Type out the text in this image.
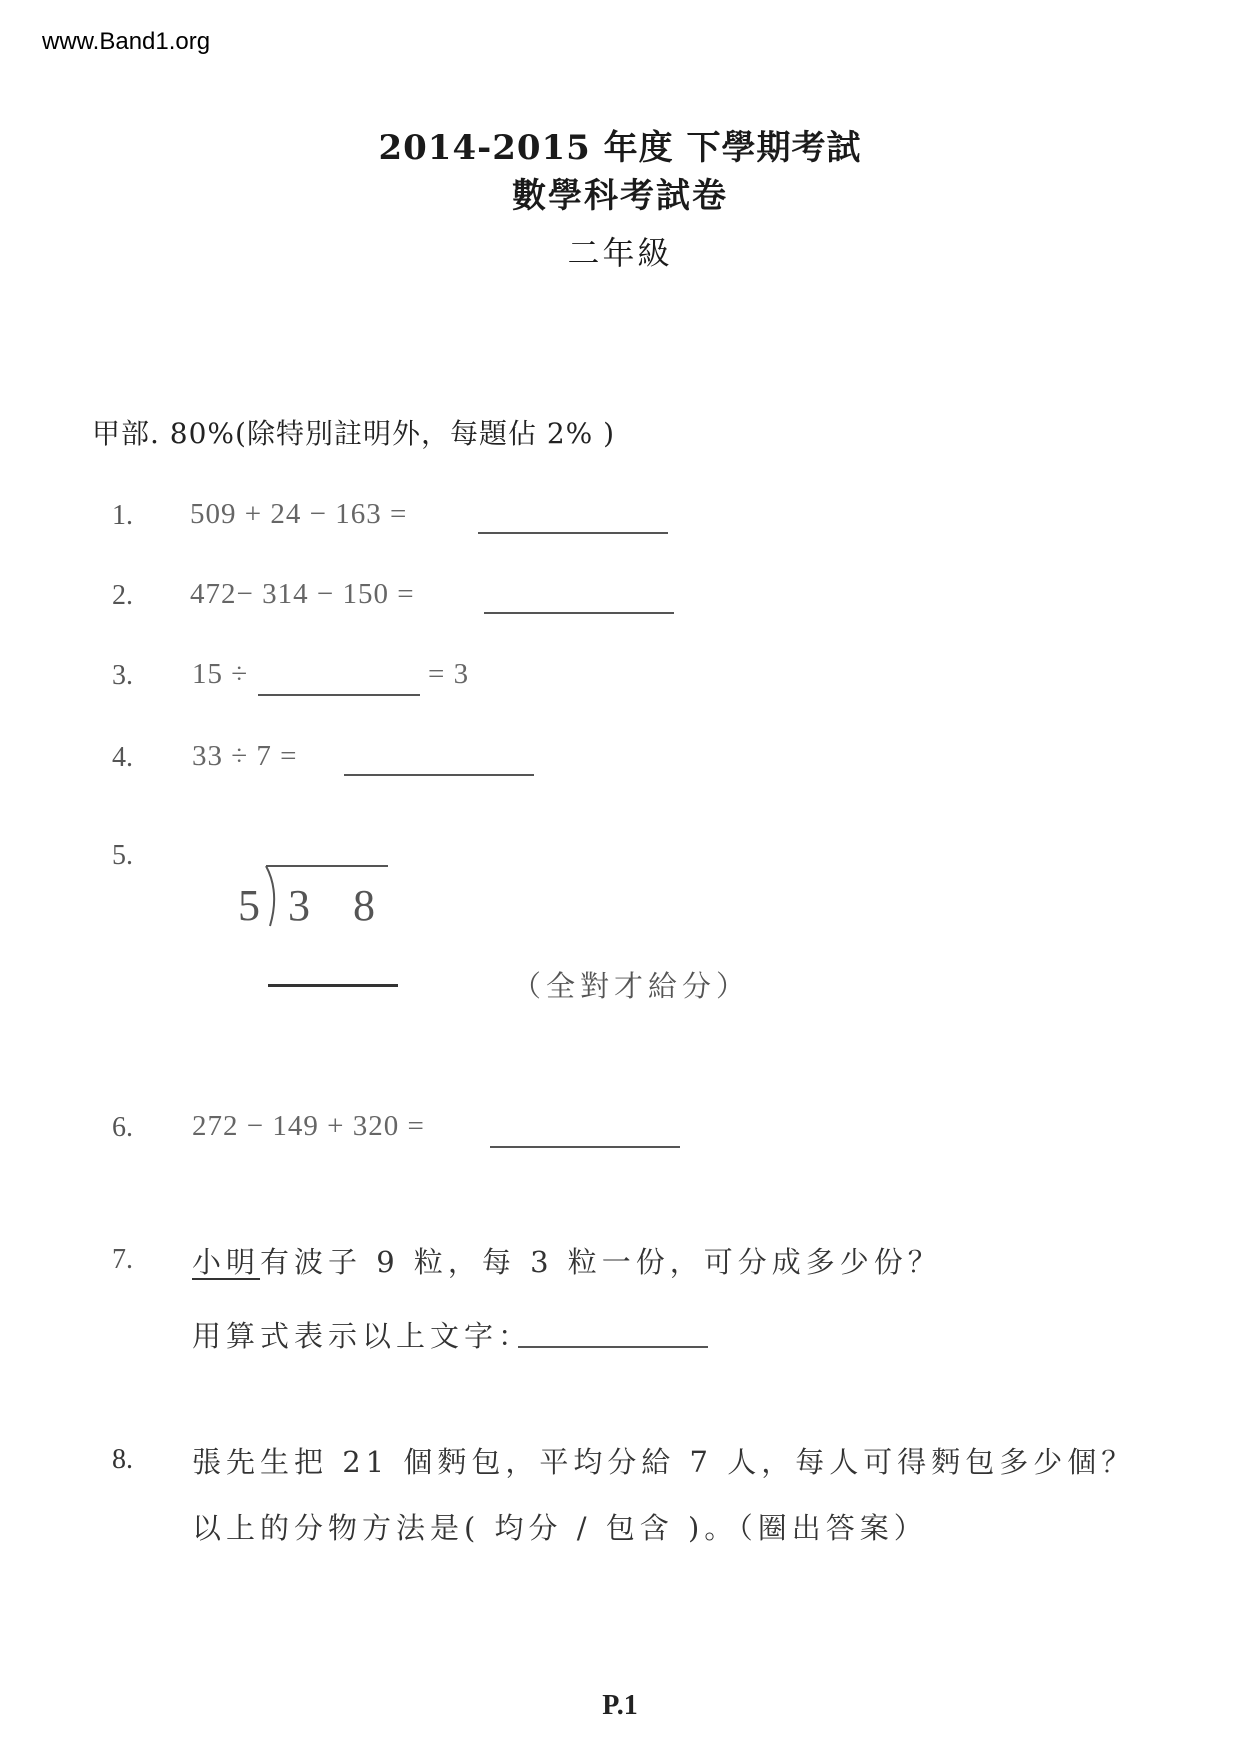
www.Band1.org
2014-2015 年度 下學期考試
數學科考試卷
二年級
甲部. 80%(除特別註明外，每題佔 2% )
1. 509 + 24 − 163 =
2. 472− 314 − 150 =
3. 15 ÷	= 3
4. 33 ÷ 7 =
5.
5 3 8
（全對才給分）
6. 272 − 149 + 320 =
7. 小明有波子 9 粒，每 3 粒一份，可分成多少份？
用算式表示以上文字：
8. 張先生把 21 個麪包，平均分給 7 人，每人可得麪包多少個？
以上的分物方法是( 均分 / 包含 )。（圈出答案）
P.1
